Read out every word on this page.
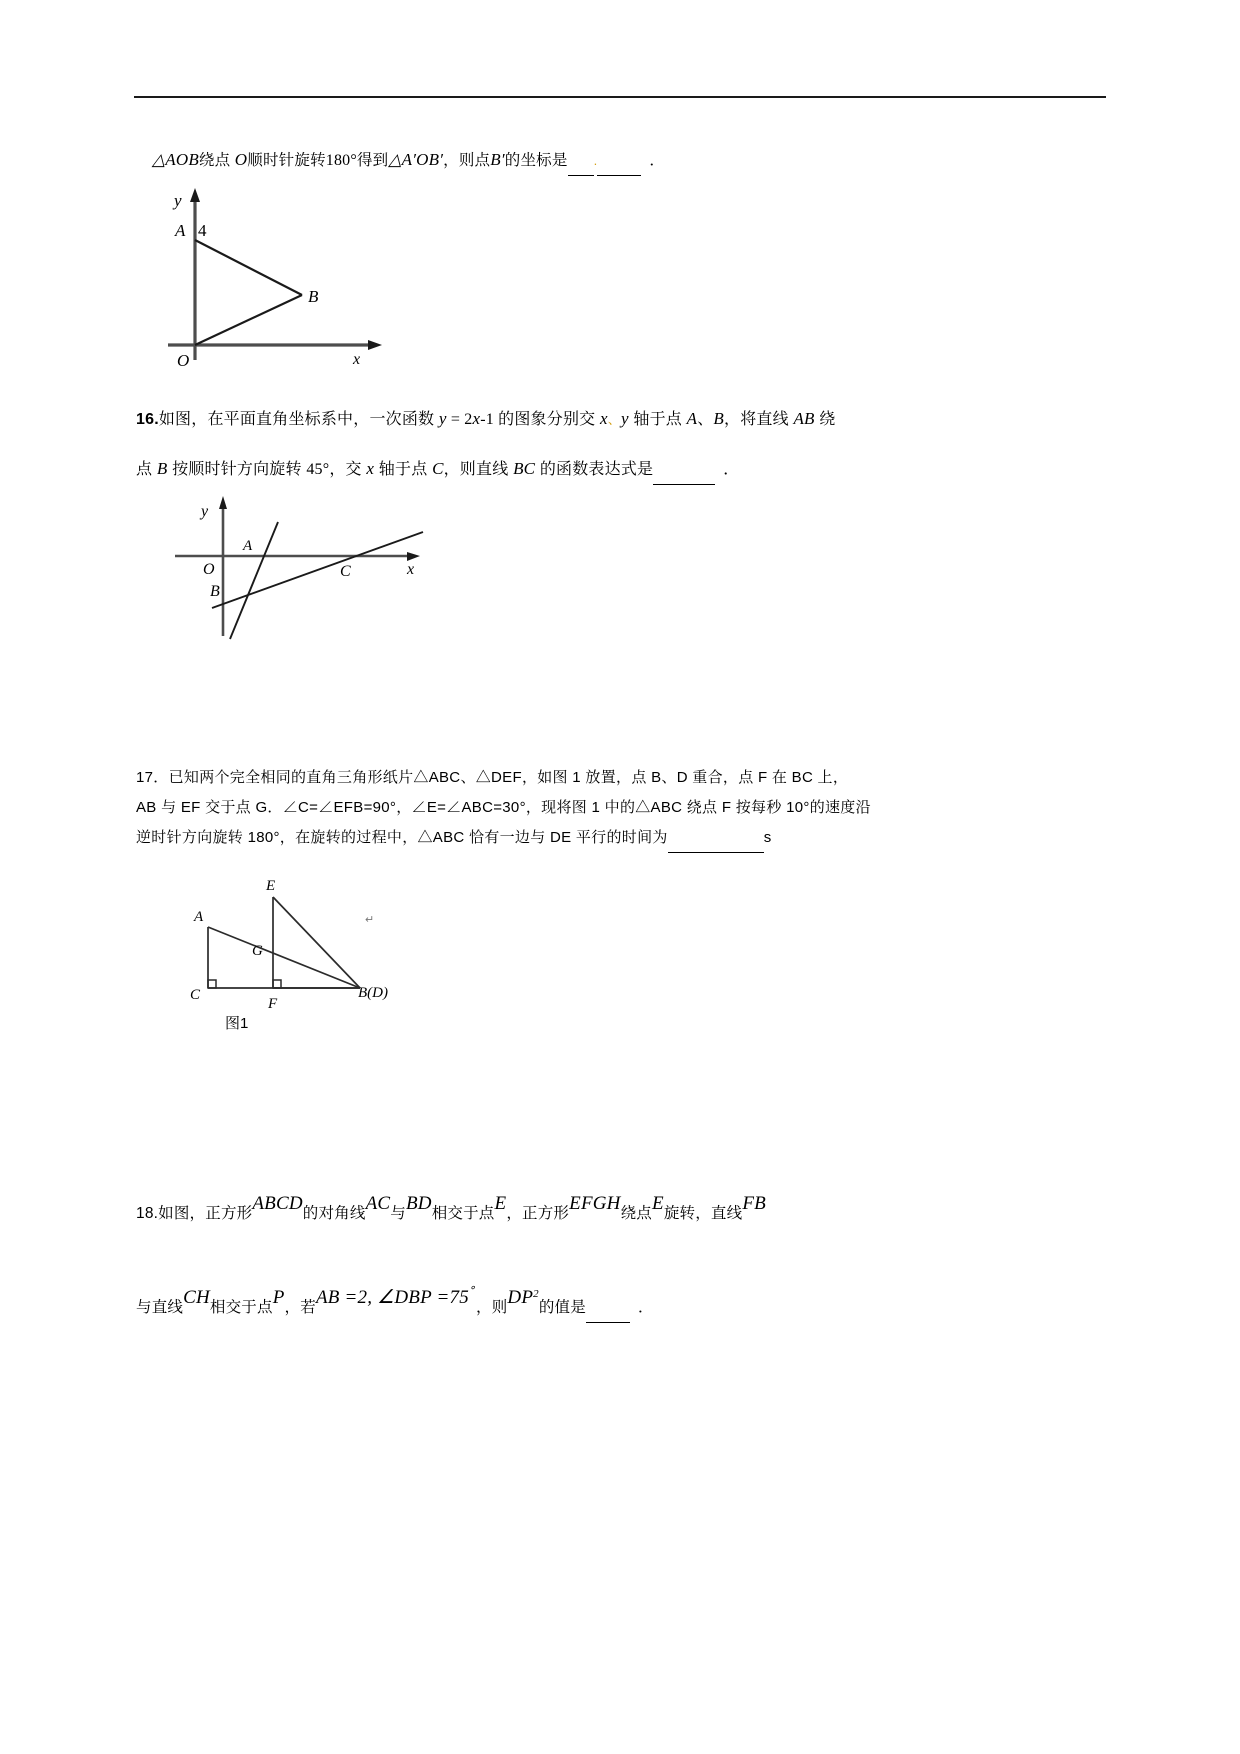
△AOB绕点 O顺时针旋转180°得到△A′OB′，则点B′的坐标是 .	．
A 4
B
O	x
y
16.如图，在平面直角坐标系中，一次函数 y = 2x-1 的图象分别交 x、y 轴于点 A、B，将直线 AB 绕
点 B 按顺时针方向旋转 45°，交 x 轴于点 C，则直线 BC 的函数表达式是	．
y
O
A
B
C	x
17．已知两个完全相同的直角三角形纸片△ABC、△DEF，如图 1 放置，点 B、D 重合，点 F 在 BC 上，
AB 与 EF 交于点 G．∠C=∠EFB=90°，∠E=∠ABC=30°，现将图 1 中的△ABC 绕点 F 按每秒 10°的速度沿
逆时针方向旋转 180°，在旋转的过程中，△ABC 恰有一边与 DE 平行的时间为	s
E
A
G
C
F
B(D)
图1
↵
18.如图，正方形ABCD的对角线AC与BD相交于点E，正方形EFGH绕点E旋转，直线FB
与直线CH相交于点P，若AB =2, ∠DBP =75∘，则$DP^2$的值是	．
